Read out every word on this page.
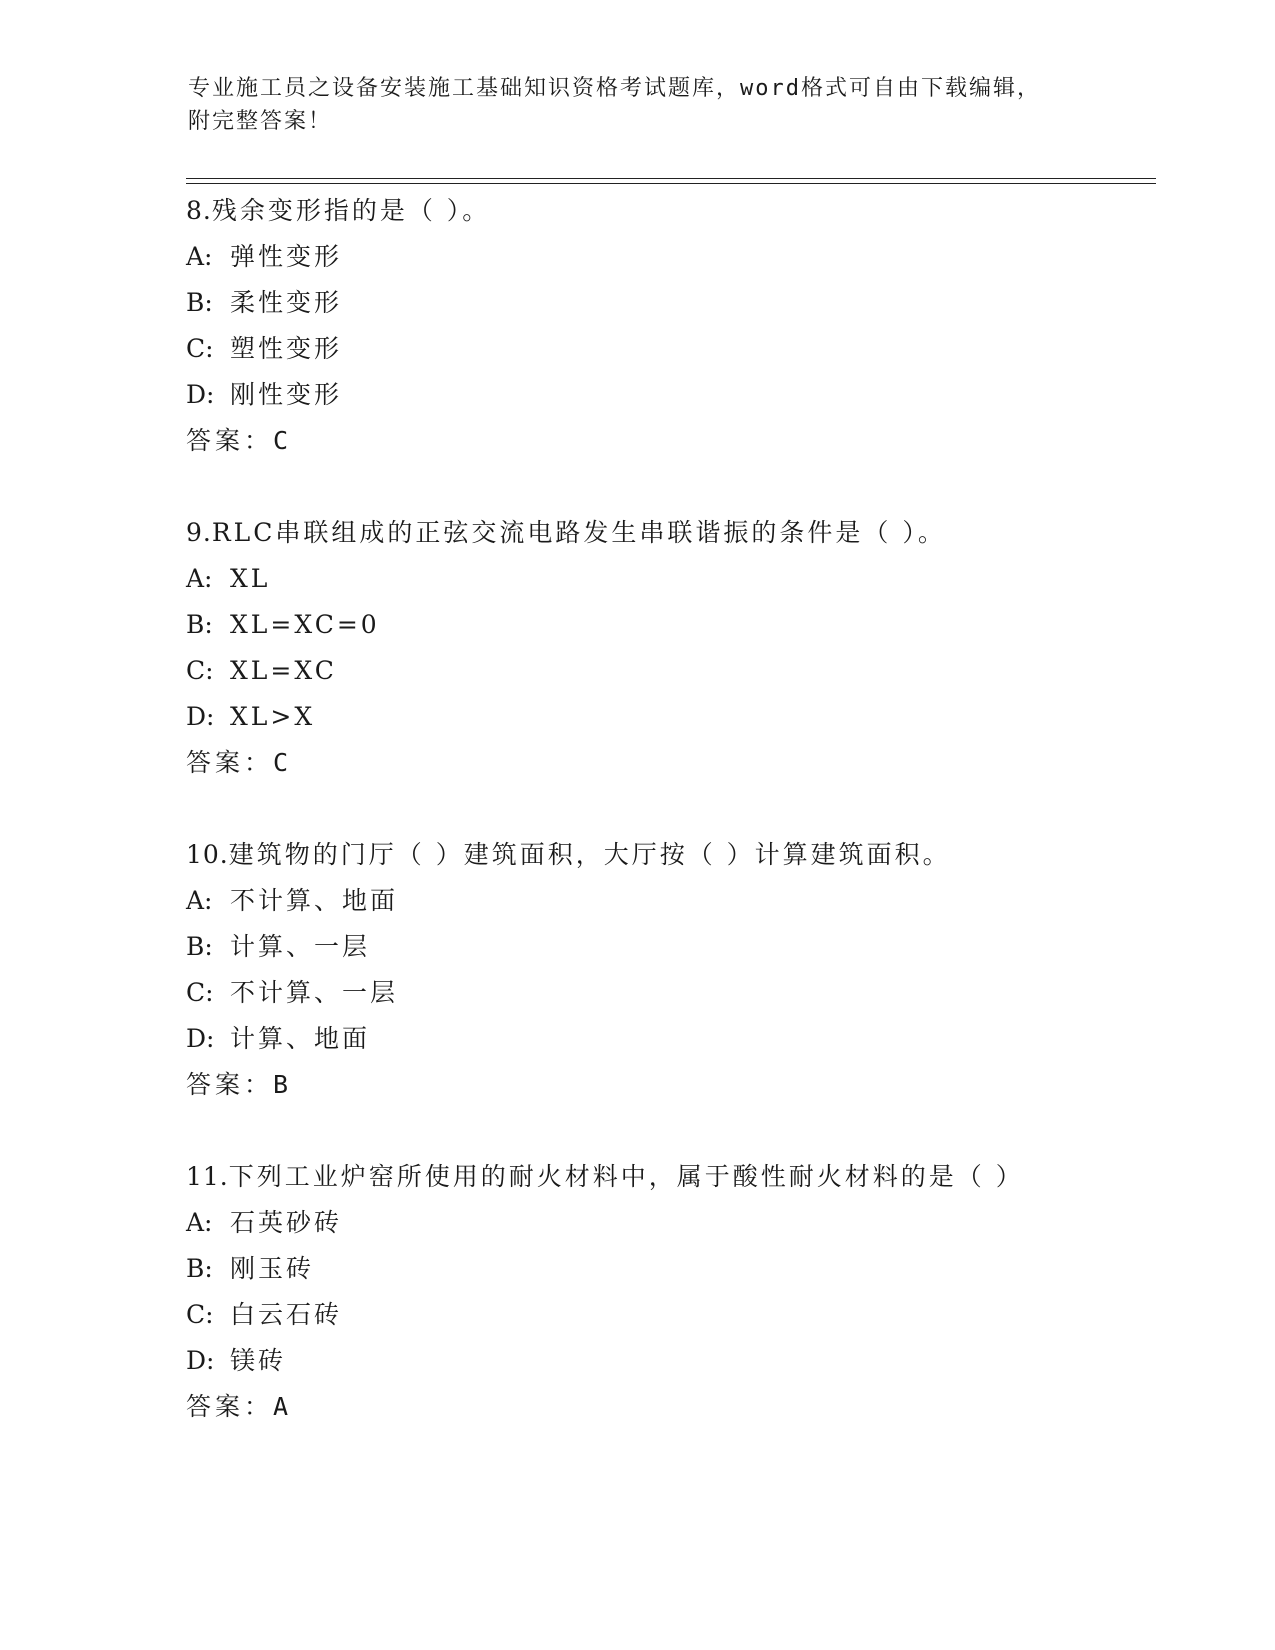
专业施工员之设备安装施工基础知识资格考试题库，word格式可自由下载编辑，
附完整答案！
8.残余变形指的是（ ）。
A: 弹性变形
B: 柔性变形
C: 塑性变形
D: 刚性变形
答案：C
9.RLC串联组成的正弦交流电路发生串联谐振的条件是（ ）。
A: XL
B: XL=XC=0
C: XL=XC
D: XL>X
答案：C
10.建筑物的门厅（ ）建筑面积，大厅按（ ）计算建筑面积。
A: 不计算、地面
B: 计算、一层
C: 不计算、一层
D: 计算、地面
答案：B
11.下列工业炉窑所使用的耐火材料中，属于酸性耐火材料的是（ ）
A: 石英砂砖
B: 刚玉砖
C: 白云石砖
D: 镁砖
答案：A
